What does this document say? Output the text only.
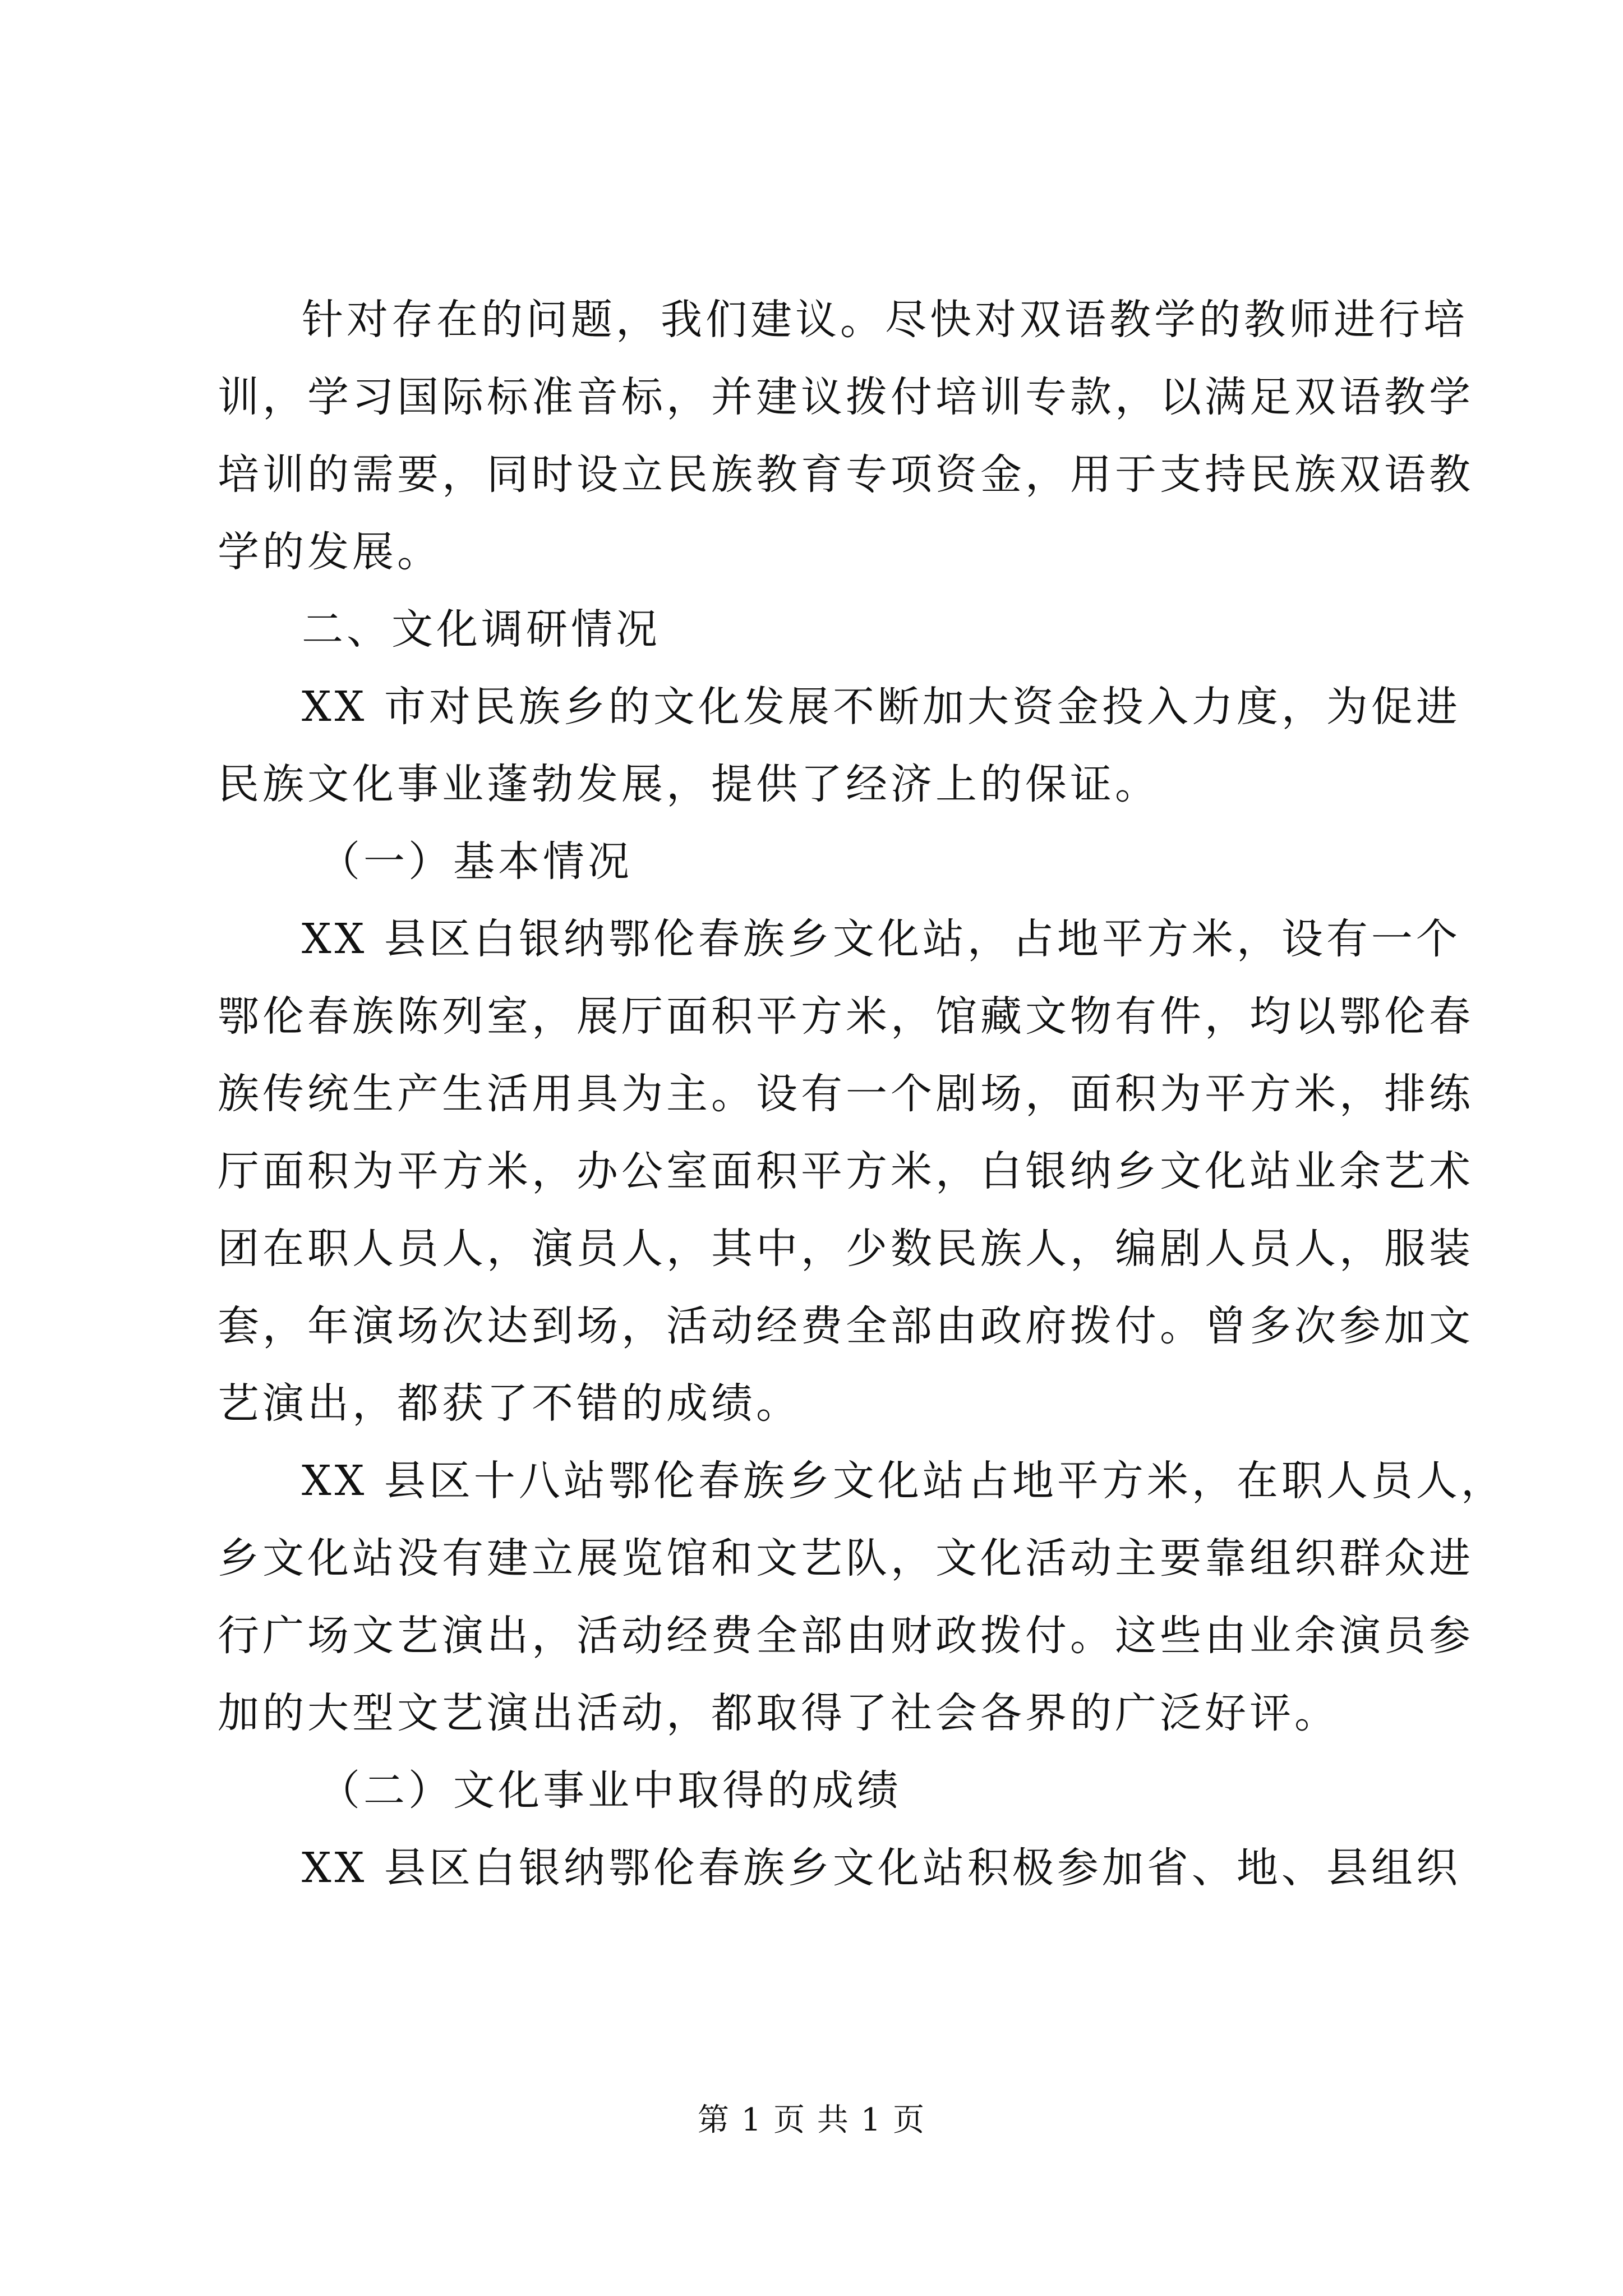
针对存在的问题，我们建议。尽快对双语教学的教师进行培
训，学习国际标准音标，并建议拨付培训专款，以满足双语教学
培训的需要，同时设立民族教育专项资金，用于支持民族双语教
学的发展。
二、文化调研情况
XX 市对民族乡的文化发展不断加大资金投入力度，为促进
民族文化事业蓬勃发展，提供了经济上的保证。
（一）基本情况
XX 县区白银纳鄂伦春族乡文化站，占地平方米，设有一个
鄂伦春族陈列室，展厅面积平方米，馆藏文物有件，均以鄂伦春
族传统生产生活用具为主。设有一个剧场，面积为平方米，排练
厅面积为平方米，办公室面积平方米，白银纳乡文化站业余艺术
团在职人员人，演员人，其中，少数民族人，编剧人员人，服装
套，年演场次达到场，活动经费全部由政府拨付。曾多次参加文
艺演出，都获了不错的成绩。
XX 县区十八站鄂伦春族乡文化站占地平方米，在职人员人，
乡文化站没有建立展览馆和文艺队，文化活动主要靠组织群众进
行广场文艺演出，活动经费全部由财政拨付。这些由业余演员参
加的大型文艺演出活动，都取得了社会各界的广泛好评。
（二）文化事业中取得的成绩
XX 县区白银纳鄂伦春族乡文化站积极参加省、地、县组织
第 1 页 共 1 页
